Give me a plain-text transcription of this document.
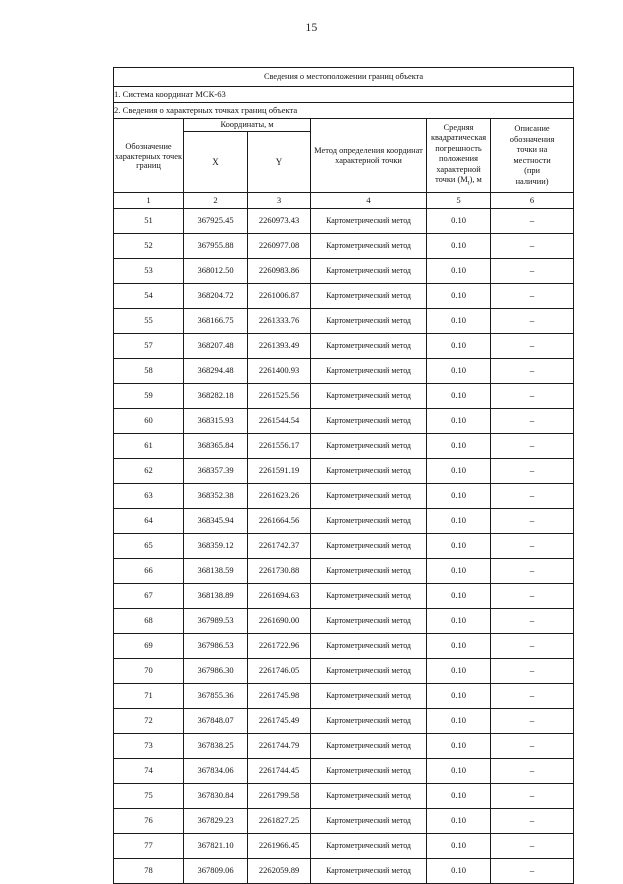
15
Сведения о местоположении границ объекта					
1. Система координат МСК-63					
2. Сведения о характерных точках границ объекта					

Обозначение характерных точек границ
	Координаты, м	Метод определения координат характерной точки	Средняя
квадратическая
погрешность
положения
характерной
точки $(M_t)$, м	Описание
обозначения
точки на
местности
(при
наличии)
	X	Y			
1	2	3	4	5	6
51	367925.45	2260973.43	Картометрический метод	0.10	–
52	367955.88	2260977.08	Картометрический метод	0.10	–
53	368012.50	2260983.86	Картометрический метод	0.10	–
54	368204.72	2261006.87	Картометрический метод	0.10	–
55	368166.75	2261333.76	Картометрический метод	0.10	–
57	368207.48	2261393.49	Картометрический метод	0.10	–
58	368294.48	2261400.93	Картометрический метод	0.10	–
59	368282.18	2261525.56	Картометрический метод	0.10	–
60	368315.93	2261544.54	Картометрический метод	0.10	–
61	368365.84	2261556.17	Картометрический метод	0.10	–
62	368357.39	2261591.19	Картометрический метод	0.10	–
63	368352.38	2261623.26	Картометрический метод	0.10	–
64	368345.94	2261664.56	Картометрический метод	0.10	–
65	368359.12	2261742.37	Картометрический метод	0.10	–
66	368138.59	2261730.88	Картометрический метод	0.10	–
67	368138.89	2261694.63	Картометрический метод	0.10	–
68	367989.53	2261690.00	Картометрический метод	0.10	–
69	367986.53	2261722.96	Картометрический метод	0.10	–
70	367986.30	2261746.05	Картометрический метод	0.10	–
71	367855.36	2261745.98	Картометрический метод	0.10	–
72	367848.07	2261745.49	Картометрический метод	0.10	–
73	367838.25	2261744.79	Картометрический метод	0.10	–
74	367834.06	2261744.45	Картометрический метод	0.10	–
75	367830.84	2261799.58	Картометрический метод	0.10	–
76	367829.23	2261827.25	Картометрический метод	0.10	–
77	367821.10	2261966.45	Картометрический метод	0.10	–
78	367809.06	2262059.89	Картометрический метод	0.10	–
